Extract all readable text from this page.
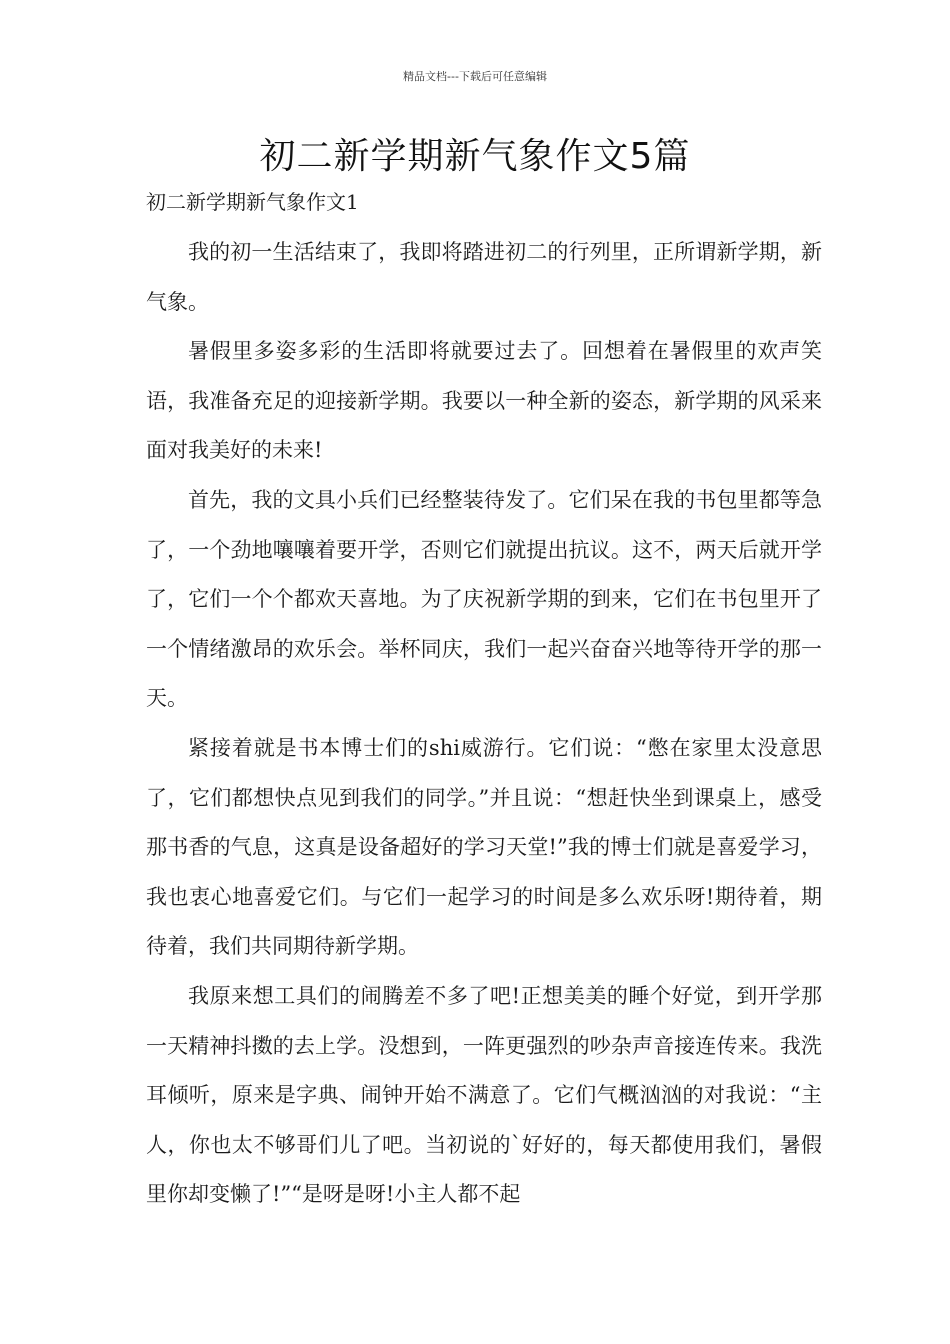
精品文档---下载后可任意编辑
初二新学期新气象作文5篇

初二新学期新气象作文1

我的初一生活结束了，我即将踏进初二的行列里，正所谓新学期，新气象。

暑假里多姿多彩的生活即将就要过去了。回想着在暑假里的欢声笑语，我准备充足的迎接新学期。我要以一种全新的姿态，新学期的风采来面对我美好的未来!

首先，我的文具小兵们已经整装待发了。它们呆在我的书包里都等急了，一个劲地嚷嚷着要开学，否则它们就提出抗议。这不，两天后就开学了，它们一个个都欢天喜地。为了庆祝新学期的到来，它们在书包里开了一个情绪激昂的欢乐会。举杯同庆，我们一起兴奋奋兴地等待开学的那一天。

紧接着就是书本博士们的shi威游行。它们说：“憋在家里太没意思了，它们都想快点见到我们的同学。”并且说：“想赶快坐到课桌上，感受那书香的气息，这真是设备超好的学习天堂!”我的博士们就是喜爱学习，我也衷心地喜爱它们。与它们一起学习的时间是多么欢乐呀!期待着，期待着，我们共同期待新学期。

我原来想工具们的闹腾差不多了吧!正想美美的睡个好觉，到开学那一天精神抖擞的去上学。没想到，一阵更强烈的吵杂声音接连传来。我洗耳倾听，原来是字典、闹钟开始不满意了。它们气概汹汹的对我说：“主人，你也太不够哥们儿了吧。当初说的`好好的，每天都使用我们，暑假里你却变懒了!”“是呀是呀!小主人都不起
